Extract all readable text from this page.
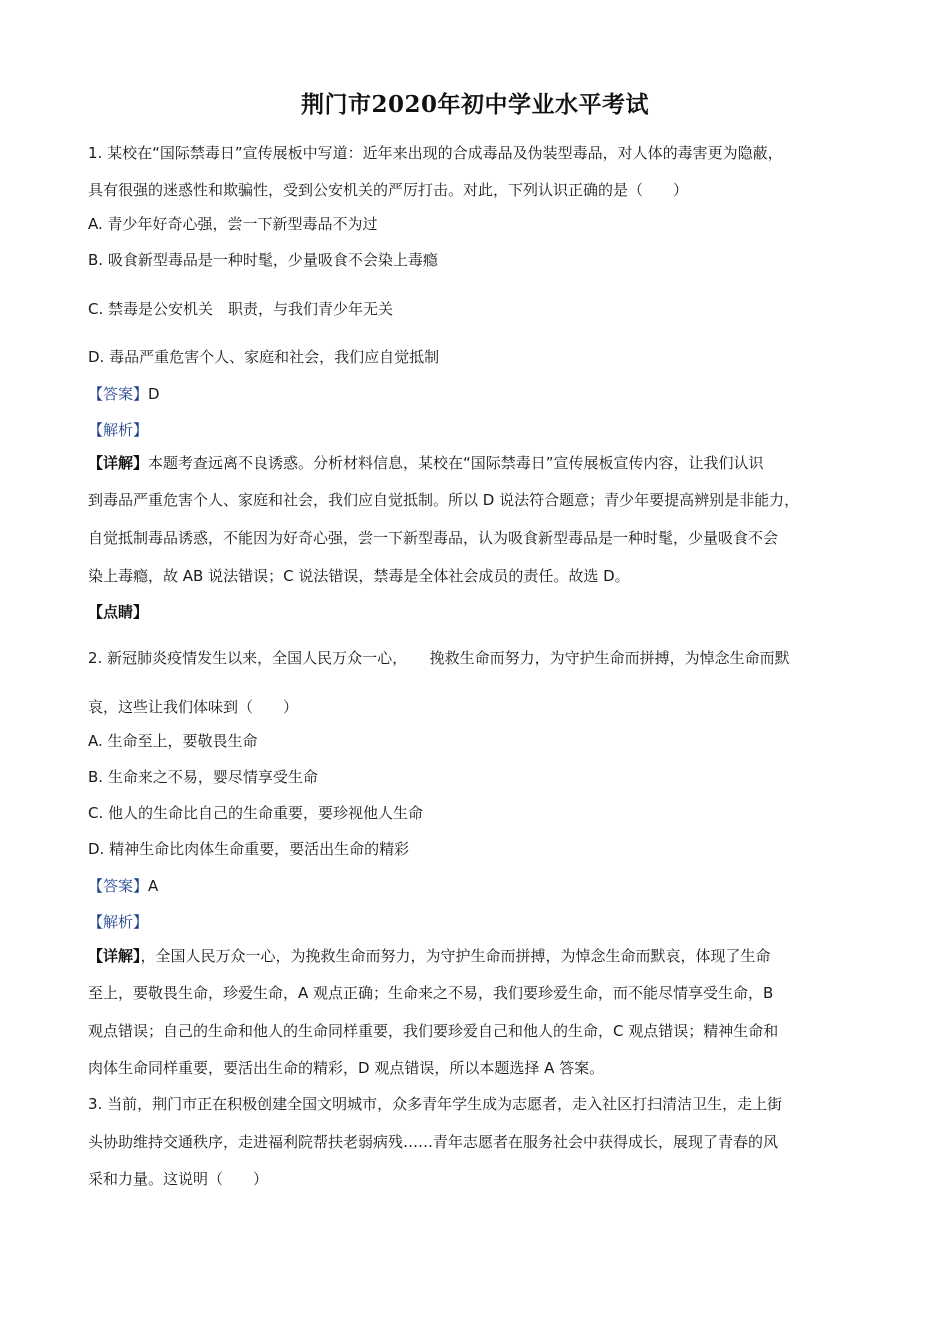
荆门市2020年初中学业水平考试
1. 某校在“国际禁毒日”宣传展板中写道：近年来出现的合成毒品及伪装型毒品，对人体的毒害更为隐蔽，
具有很强的迷惑性和欺骗性，受到公安机关的严厉打击。对此，下列认识正确的是（　　）
A. 青少年好奇心强，尝一下新型毒品不为过
B. 吸食新型毒品是一种时髦，少量吸食不会染上毒瘾
C. 禁毒是公安机关　职责，与我们青少年无关
D. 毒品严重危害个人、家庭和社会，我们应自觉抵制
【答案】D
【解析】
【详解】本题考查远离不良诱惑。分析材料信息，某校在“国际禁毒日”宣传展板宣传内容，让我们认识
到毒品严重危害个人、家庭和社会，我们应自觉抵制。所以 D 说法符合题意；青少年要提高辨别是非能力，
自觉抵制毒品诱惑，不能因为好奇心强，尝一下新型毒品，认为吸食新型毒品是一种时髦，少量吸食不会
染上毒瘾，故 AB 说法错误；C 说法错误，禁毒是全体社会成员的责任。故选 D。
【点睛】
2. 新冠肺炎疫情发生以来，全国人民万众一心，　　挽救生命而努力，为守护生命而拼搏，为悼念生命而默
哀，这些让我们体味到（　　）
A. 生命至上，要敬畏生命
B. 生命来之不易，婴尽情享受生命
C. 他人的生命比自己的生命重要，要珍视他人生命
D. 精神生命比肉体生命重要，要活出生命的精彩
【答案】A
【解析】
【详解】，全国人民万众一心，为挽救生命而努力，为守护生命而拼搏，为悼念生命而默哀，体现了生命
至上，要敬畏生命，珍爱生命，A 观点正确；生命来之不易，我们要珍爱生命，而不能尽情享受生命，B
观点错误；自己的生命和他人的生命同样重要，我们要珍爱自己和他人的生命，C 观点错误；精神生命和
肉体生命同样重要，要活出生命的精彩，D 观点错误，所以本题选择 A 答案。
3. 当前，荆门市正在积极创建全国文明城市，众多青年学生成为志愿者，走入社区打扫清洁卫生，走上街
头协助维持交通秩序，走进福利院帮扶老弱病残……青年志愿者在服务社会中获得成长，展现了青春的风
采和力量。这说明（　　）
